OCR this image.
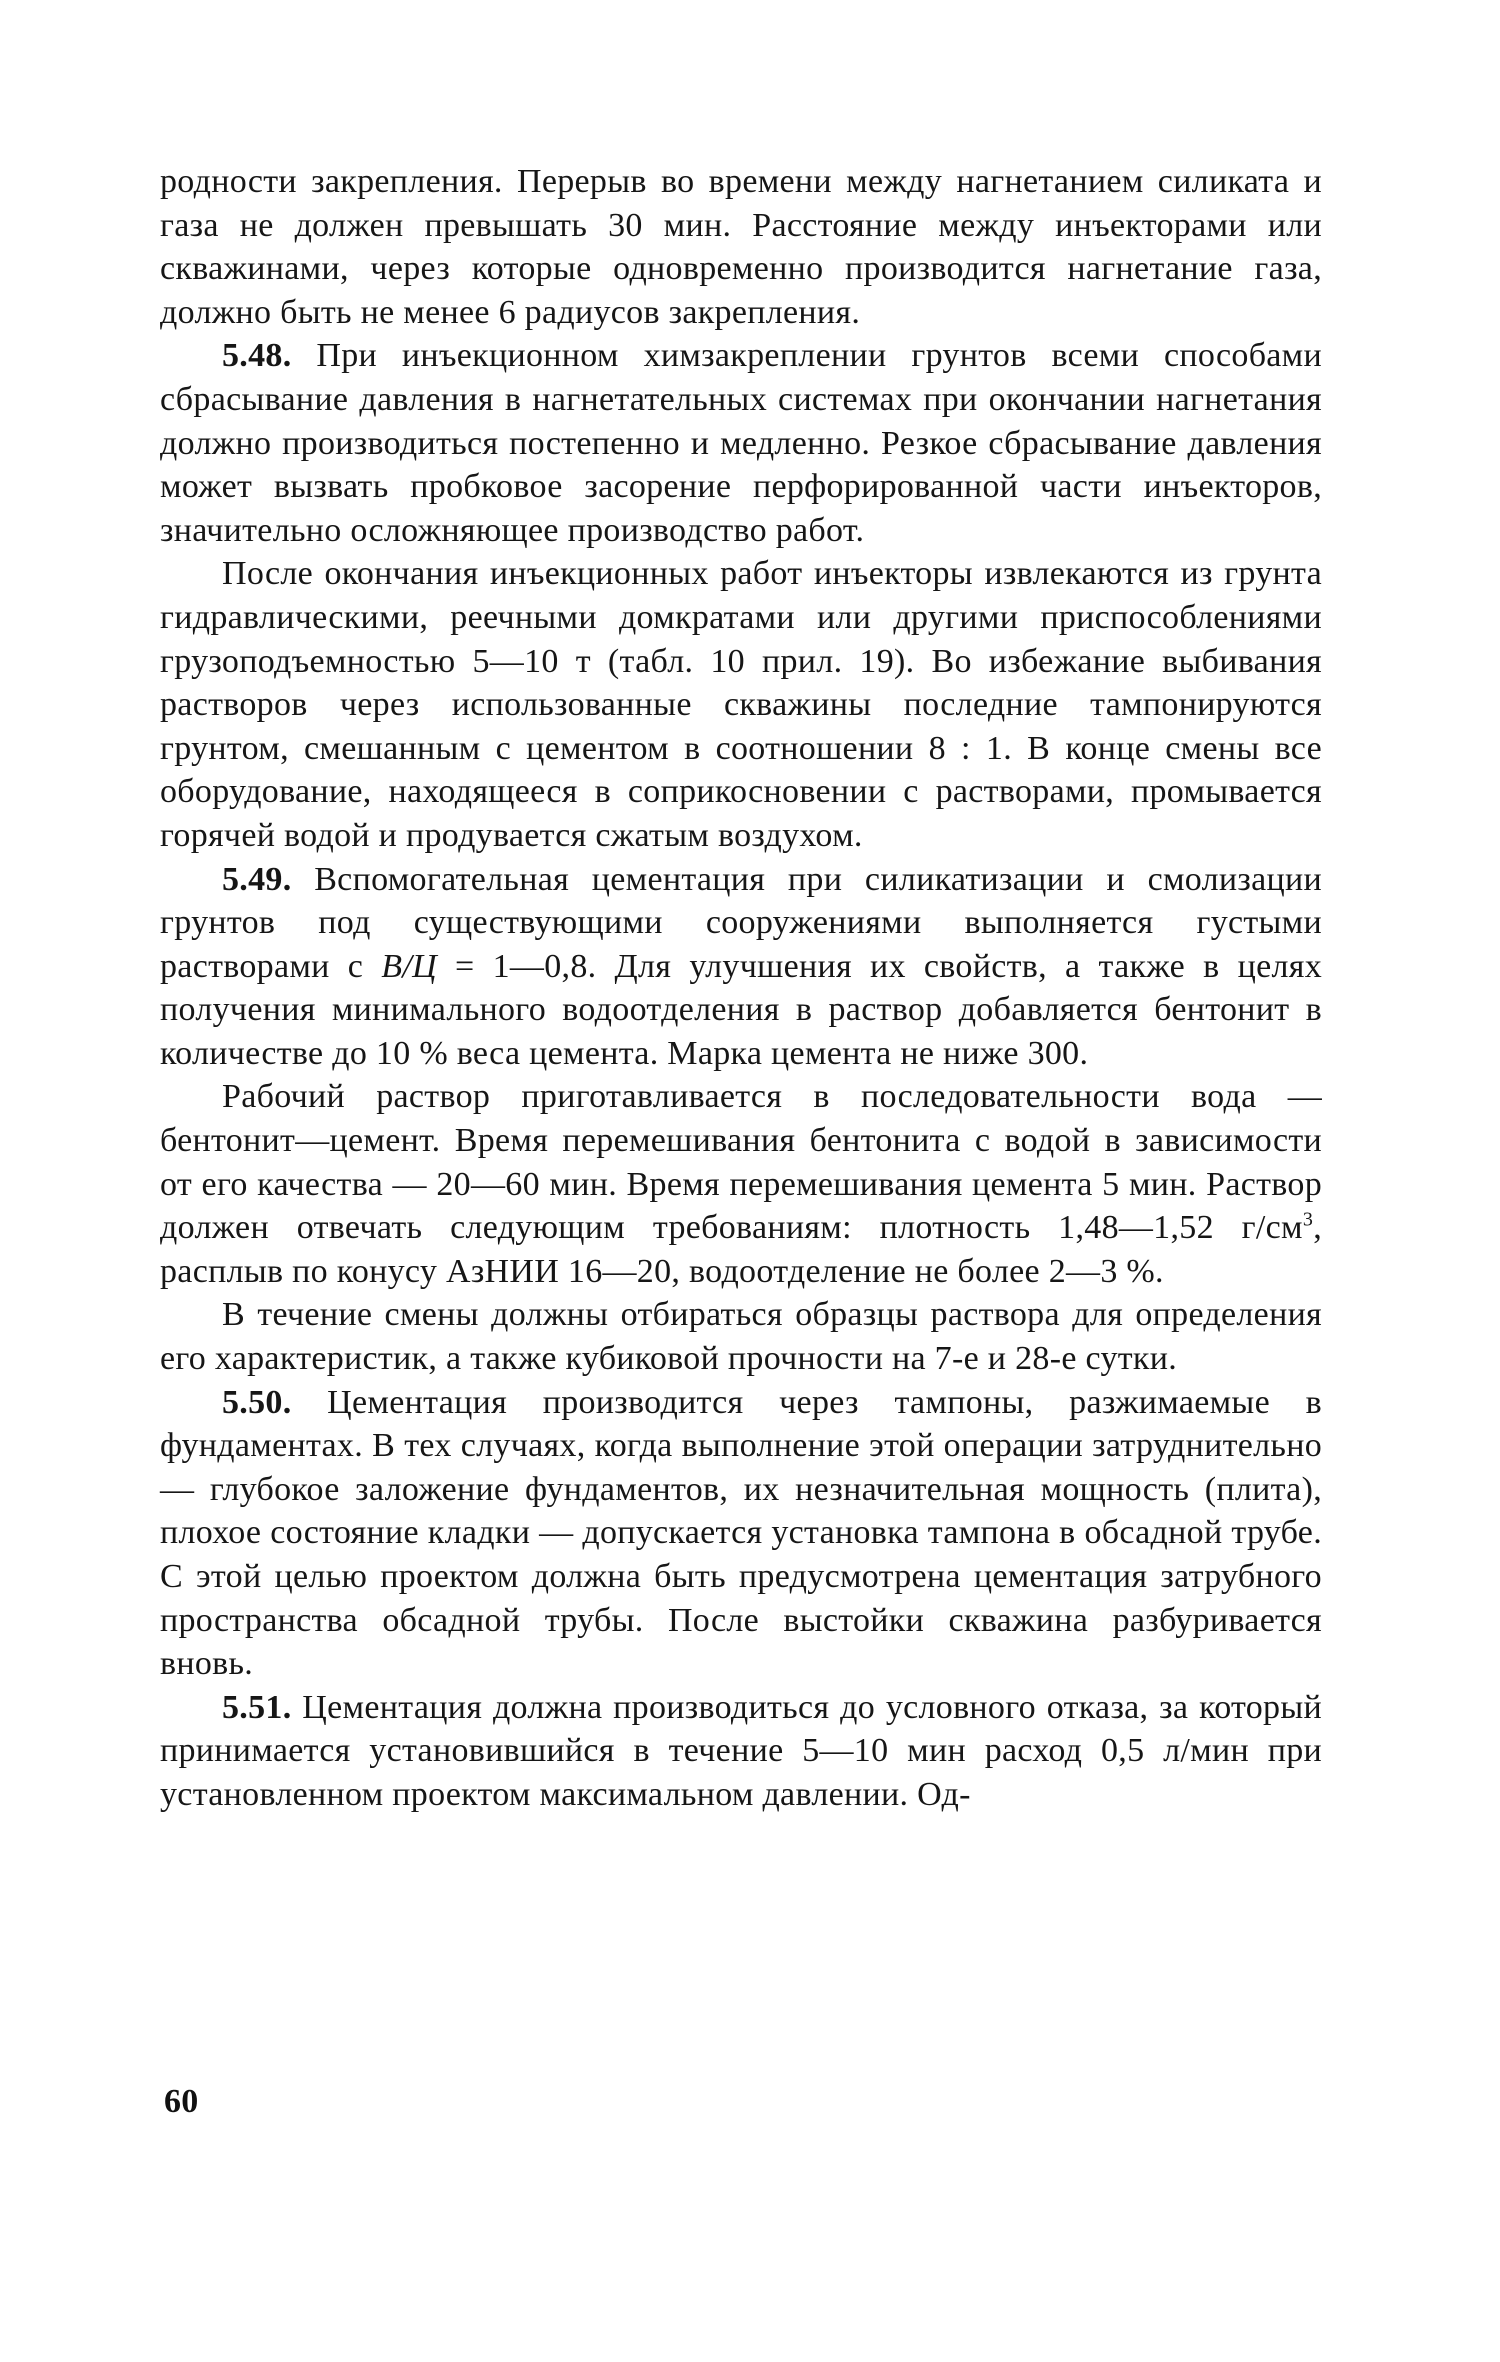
родности закрепления. Перерыв во времени между нагнетанием силиката и газа не должен превышать 30 мин. Расстояние между инъекторами или скважинами, через которые одновременно производится нагнетание газа, должно быть не менее 6 радиусов закрепления.

5.48. При инъекционном химзакреплении грунтов всеми способами сбрасывание давления в нагнетательных системах при окончании нагнетания должно производиться постепенно и медленно. Резкое сбрасывание давления может вызвать пробковое засорение перфорированной части инъекторов, значительно осложняющее производство работ.

После окончания инъекционных работ инъекторы извлекаются из грунта гидравлическими, реечными домкратами или другими приспособлениями грузоподъемностью 5—10 т (табл. 10 прил. 19). Во избежание выбивания растворов через использованные скважины последние тампонируются грунтом, смешанным с цементом в соотношении 8 : 1. В конце смены все оборудование, находящееся в соприкосновении с растворами, промывается горячей водой и продувается сжатым воздухом.

5.49. Вспомогательная цементация при силикатизации и смолизации грунтов под существующими сооружениями выполняется густыми растворами с В/Ц = 1—0,8. Для улучшения их свойств, а также в целях получения минимального водоотделения в раствор добавляется бентонит в количестве до 10 % веса цемента. Марка цемента не ниже 300.

Рабочий раствор приготавливается в последовательности вода — бентонит—цемент. Время перемешивания бентонита с водой в зависимости от его качества — 20—60 мин. Время перемешивания цемента 5 мин. Раствор должен отвечать следующим требованиям: плотность 1,48—1,52 $г/см^3$, расплыв по конусу АзНИИ 16—20, водоотделение не более 2—3 %.

В течение смены должны отбираться образцы раствора для определения его характеристик, а также кубиковой прочности на 7-е и 28-е сутки.

5.50. Цементация производится через тампоны, разжимаемые в фундаментах. В тех случаях, когда выполнение этой операции затруднительно — глубокое заложение фундаментов, их незначительная мощность (плита), плохое состояние кладки — допускается установка тампона в обсадной трубе. С этой целью проектом должна быть предусмотрена цементация затрубного пространства обсадной трубы. После выстойки скважина разбуривается вновь.

5.51. Цементация должна производиться до условного отказа, за который принимается установившийся в течение 5—10 мин расход 0,5 л/мин при установленном проектом максимальном давлении. Од-

60
